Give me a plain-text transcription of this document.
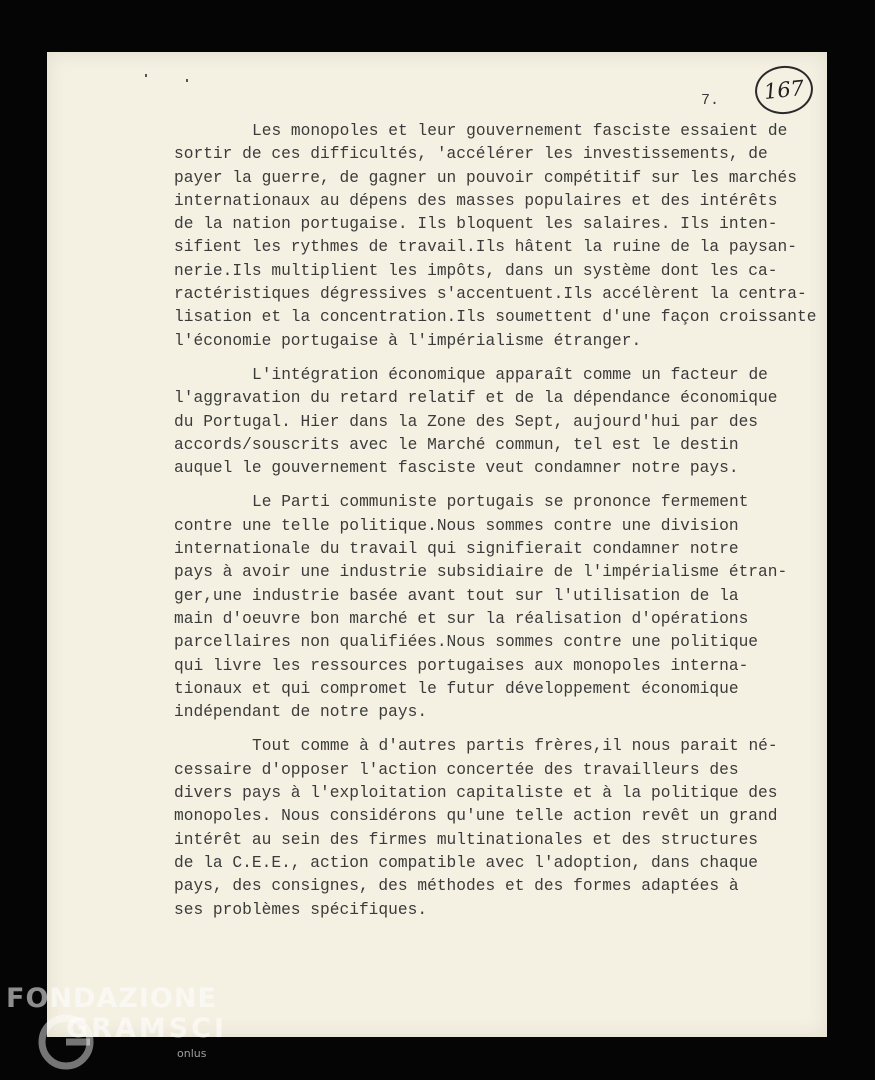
167
7.
Les monopoles et leur gouvernement fasciste essaient de
sortir de ces difficultés, 'accélérer les investissements, de
payer la guerre, de gagner un pouvoir compétitif sur les marchés
internationaux au dépens des masses populaires et des intérêts
de la nation portugaise. Ils bloquent les salaires. Ils inten-
sifient les rythmes de travail.Ils hâtent la ruine de la paysan-
nerie.Ils multiplient les impôts, dans un système dont les ca-
ractéristiques dégressives s'accentuent.Ils accélèrent la centra-
lisation et la concentration.Ils soumettent d'une façon croissante
l'économie portugaise à l'impérialisme étranger.
L'intégration économique apparaît comme un facteur de
l'aggravation du retard relatif et de la dépendance économique
du Portugal. Hier dans la Zone des Sept, aujourd'hui par des
accords/souscrits avec le Marché commun, tel est le destin
auquel le gouvernement fasciste veut condamner notre pays.
Le Parti communiste portugais se prononce fermement
contre une telle politique.Nous sommes contre une division
internationale du travail qui signifierait condamner notre
pays à avoir une industrie subsidiaire de l'impérialisme étran-
ger,une industrie basée avant tout sur l'utilisation de la
main d'oeuvre bon marché et sur la réalisation d'opérations
parcellaires non qualifiées.Nous sommes contre une politique
qui livre les ressources portugaises aux monopoles interna-
tionaux et qui compromet le futur développement économique
indépendant de notre pays.
Tout comme à d'autres partis frères,il nous parait né-
cessaire d'opposer l'action concertée des travailleurs des
divers pays à l'exploitation capitaliste et à la politique des
monopoles. Nous considérons qu'une telle action revêt un grand
intérêt au sein des firmes multinationales et des structures
de la C.E.E., action compatible avec l'adoption, dans chaque
pays, des consignes, des méthodes et des formes adaptées à
ses problèmes spécifiques.
FONDAZIONE
GRAMSCI
onlus
